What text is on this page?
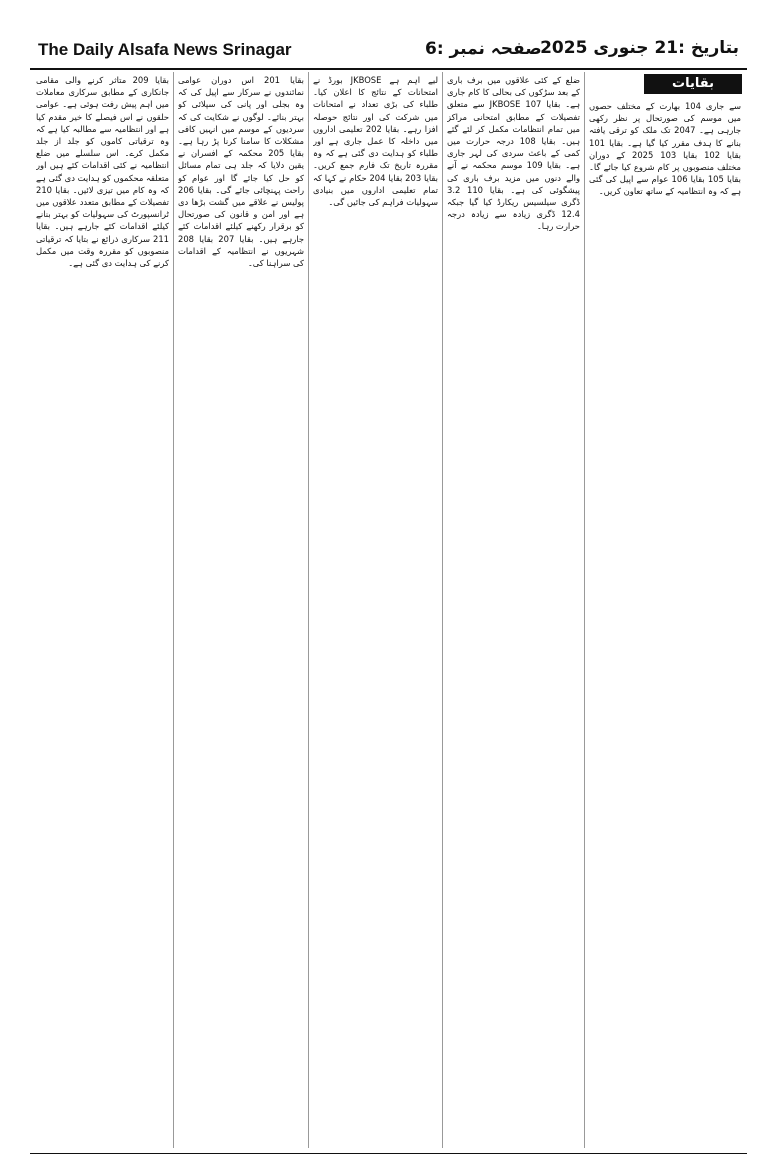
The Daily Alsafa News Srinagar	صفحہ نمبر :6
بتاریخ :21 جنوری 2025
بقایات
بقایا 209 متاثر کرنے والی مقامی جانکاری کے مطابق سرکاری معاملات میں اہم پیش رفت ہوئی ہے۔ عوامی حلقوں نے اس فیصلے کا خیر مقدم کیا ہے اور انتظامیہ سے مطالبہ کیا ہے کہ وہ ترقیاتی کاموں کو جلد از جلد مکمل کرے۔ اس سلسلے میں ضلع انتظامیہ نے کئی اقدامات کئے ہیں اور متعلقہ محکموں کو ہدایت دی گئی ہے کہ وہ کام میں تیزی لائیں۔ بقایا 210 تفصیلات کے مطابق متعدد علاقوں میں ٹرانسپورٹ کی سہولیات کو بہتر بنانے کیلئے اقدامات کئے جارہے ہیں۔ بقایا 211 سرکاری ذرائع نے بتایا کہ ترقیاتی منصوبوں کو مقررہ وقت میں مکمل کرنے کی ہدایت دی گئی ہے۔
بقایا 201 اس دوران عوامی نمائندوں نے سرکار سے اپیل کی کہ وہ بجلی اور پانی کی سپلائی کو بہتر بنائے۔ لوگوں نے شکایت کی کہ سردیوں کے موسم میں انہیں کافی مشکلات کا سامنا کرنا پڑ رہا ہے۔ بقایا 205 محکمہ کے افسران نے یقین دلایا کہ جلد ہی تمام مسائل کو حل کیا جائے گا اور عوام کو راحت پہنچائی جائے گی۔ بقایا 206 پولیس نے علاقے میں گشت بڑھا دی ہے اور امن و قانون کی صورتحال کو برقرار رکھنے کیلئے اقدامات کئے جارہے ہیں۔ بقایا 207 بقایا 208 شہریوں نے انتظامیہ کے اقدامات کی سراہنا کی۔
لیے اہم ہے JKBOSE بورڈ نے امتحانات کے نتائج کا اعلان کیا۔ طلباء کی بڑی تعداد نے امتحانات میں شرکت کی اور نتائج حوصلہ افزا رہے۔ بقایا 202 تعلیمی اداروں میں داخلہ کا عمل جاری ہے اور طلباء کو ہدایت دی گئی ہے کہ وہ مقررہ تاریخ تک فارم جمع کریں۔ بقایا 203 بقایا 204 حکام نے کہا کہ تمام تعلیمی اداروں میں بنیادی سہولیات فراہم کی جائیں گی۔
ضلع کے کئی علاقوں میں برف باری کے بعد سڑکوں کی بحالی کا کام جاری ہے۔ بقایا 107 JKBOSE سے متعلق تفصیلات کے مطابق امتحانی مراکز میں تمام انتظامات مکمل کر لئے گئے ہیں۔ بقایا 108 درجہ حرارت میں کمی کے باعث سردی کی لہر جاری ہے۔ بقایا 109 موسم محکمہ نے آنے والے دنوں میں مزید برف باری کی پیشگوئی کی ہے۔ بقایا 110 3.2 ڈگری سیلسیس ریکارڈ کیا گیا جبکہ 12.4 ڈگری زیادہ سے زیادہ درجہ حرارت رہا۔
سے جاری 104 بھارت کے مختلف حصوں میں موسم کی صورتحال پر نظر رکھی جارہی ہے۔ 2047 تک ملک کو ترقی یافتہ بنانے کا ہدف مقرر کیا گیا ہے۔ بقایا 101 بقایا 102 بقایا 103 2025 کے دوران مختلف منصوبوں پر کام شروع کیا جائے گا۔ بقایا 105 بقایا 106 عوام سے اپیل کی گئی ہے کہ وہ انتظامیہ کے ساتھ تعاون کریں۔
